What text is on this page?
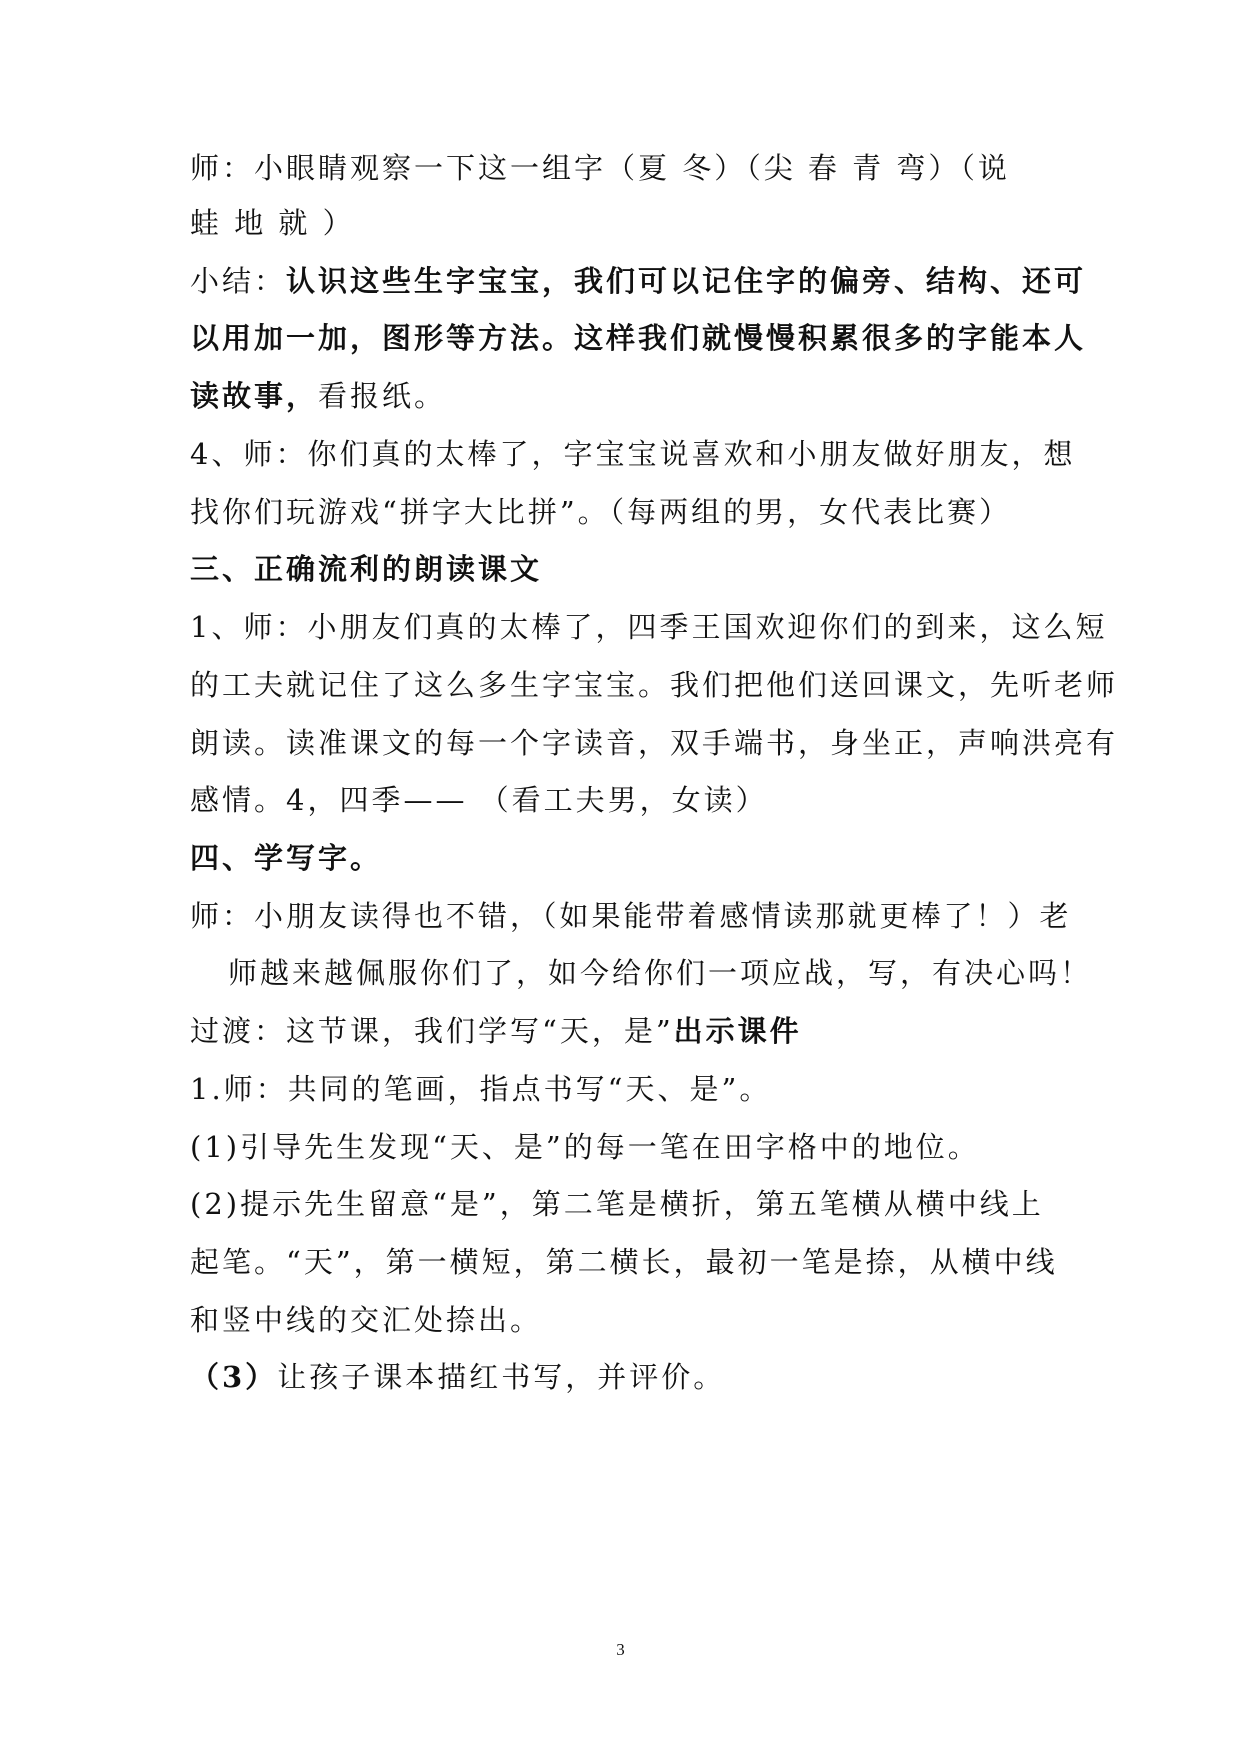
师：小眼睛观察一下这一组字（夏 冬）（尖 春 青 弯）（说
蛙 地 就 ）
小结：认识这些生字宝宝，我们可以记住字的偏旁、结构、还可
以用加一加，图形等方法。这样我们就慢慢积累很多的字能本人
读故事，看报纸。
4、师：你们真的太棒了，字宝宝说喜欢和小朋友做好朋友，想
找你们玩游戏“拼字大比拼”。（每两组的男，女代表比赛）
三、正确流利的朗读课文
1、师：小朋友们真的太棒了，四季王国欢迎你们的到来，这么短
的工夫就记住了这么多生字宝宝。我们把他们送回课文，先听老师
朗读。读准课文的每一个字读音，双手端书，身坐正，声响洪亮有
感情。4，四季—— （看工夫男，女读）
四、学写字。
师：小朋友读得也不错，（如果能带着感情读那就更棒了！）老
师越来越佩服你们了，如今给你们一项应战，写，有决心吗！
过渡：这节课，我们学写“天，是”出示课件
1.师：共同的笔画，指点书写“天、是”。
(1)引导先生发现“天、是”的每一笔在田字格中的地位。
(2)提示先生留意“是”，第二笔是横折，第五笔横从横中线上
起笔。“天”，第一横短，第二横长，最初一笔是捺，从横中线
和竖中线的交汇处捺出。
（3）让孩子课本描红书写，并评价。
3
